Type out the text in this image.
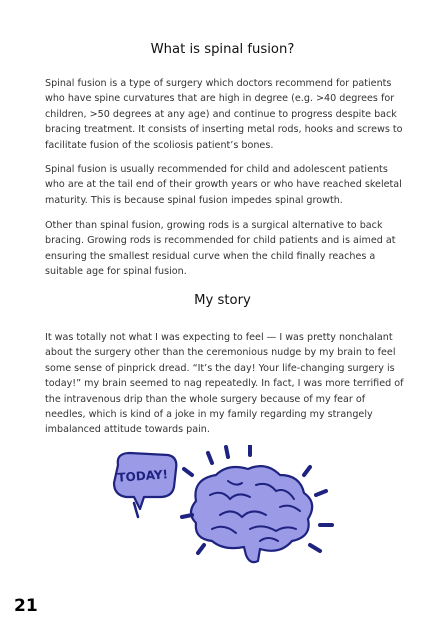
What is spinal fusion?

Spinal fusion is a type of surgery which doctors recommend for patients who have spine curvatures that are high in degree (e.g. >40 degrees for children, >50 degrees at any age) and continue to progress despite back bracing treatment. It consists of inserting metal rods, hooks and screws to facilitate fusion of the scoliosis patient’s bones.

Spinal fusion is usually recommended for child and adolescent patients who are at the tail end of their growth years or who have reached skeletal maturity. This is because spinal fusion impedes spinal growth.

Other than spinal fusion, growing rods is a surgical alternative to back bracing. Growing rods is recommended for child patients and is aimed at ensuring the smallest residual curve when the child finally reaches a suitable age for spinal fusion.

My story

It was totally not what I was expecting to feel — I was pretty nonchalant about the surgery other than the ceremonious nudge by my brain to feel some sense of pinprick dread. “It’s the day! Your life-changing surgery is today!” my brain seemed to nag repeatedly. In fact, I was more terrified of the intravenous drip than the whole surgery because of my fear of needles, which is kind of a joke in my family regarding my strangely imbalanced attitude towards pain.

TODAY!
21
